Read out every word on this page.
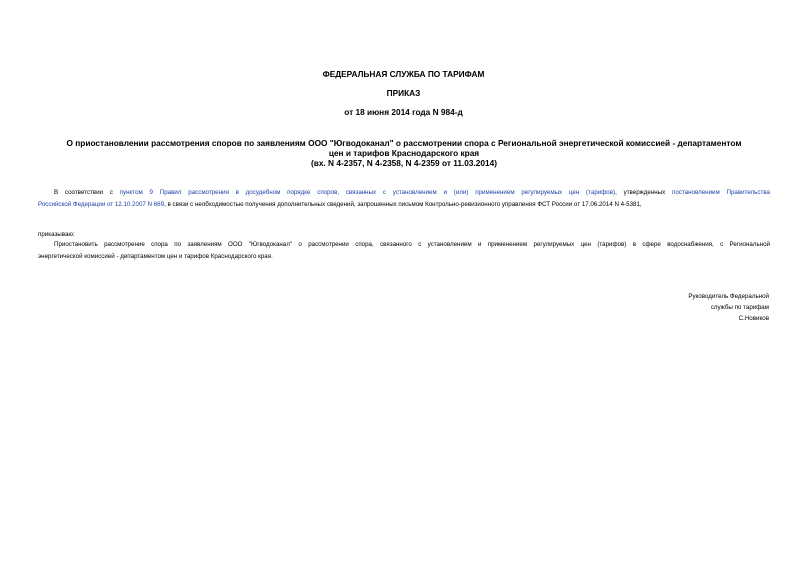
ФЕДЕРАЛЬНАЯ СЛУЖБА ПО ТАРИФАМ
ПРИКАЗ
от 18 июня 2014 года N 984-д
О приостановлении рассмотрения споров по заявлениям ООО "Югводоканал" о рассмотрении спора с Региональной энергетической комиссией - департаментом
цен и тарифов Краснодарского края
(вх. N 4-2357, N 4-2358, N 4-2359 от 11.03.2014)
В соответствии с пунктом 9 Правил рассмотрения в досудебном порядке споров, связанных с установлением и (или) применением регулируемых цен (тарифов), утвержденных постановлением Правительства
Российской Федерации от 12.10.2007 N 669, в связи с необходимостью получения дополнительных сведений, запрошенных письмом Контрольно-ревизионного управления ФСТ России от 17.06.2014 N 4-5381,
приказываю:
Приостановить рассмотрение спора по заявлениям ООО "Югводоканал" о рассмотрении спора, связанного с установлением и применением регулируемых цен (тарифов) в сфере водоснабжения, с Региональной
энергетической комиссией - департаментом цен и тарифов Краснодарского края.
Руководитель Федеральной
службы по тарифам
С.Новиков
